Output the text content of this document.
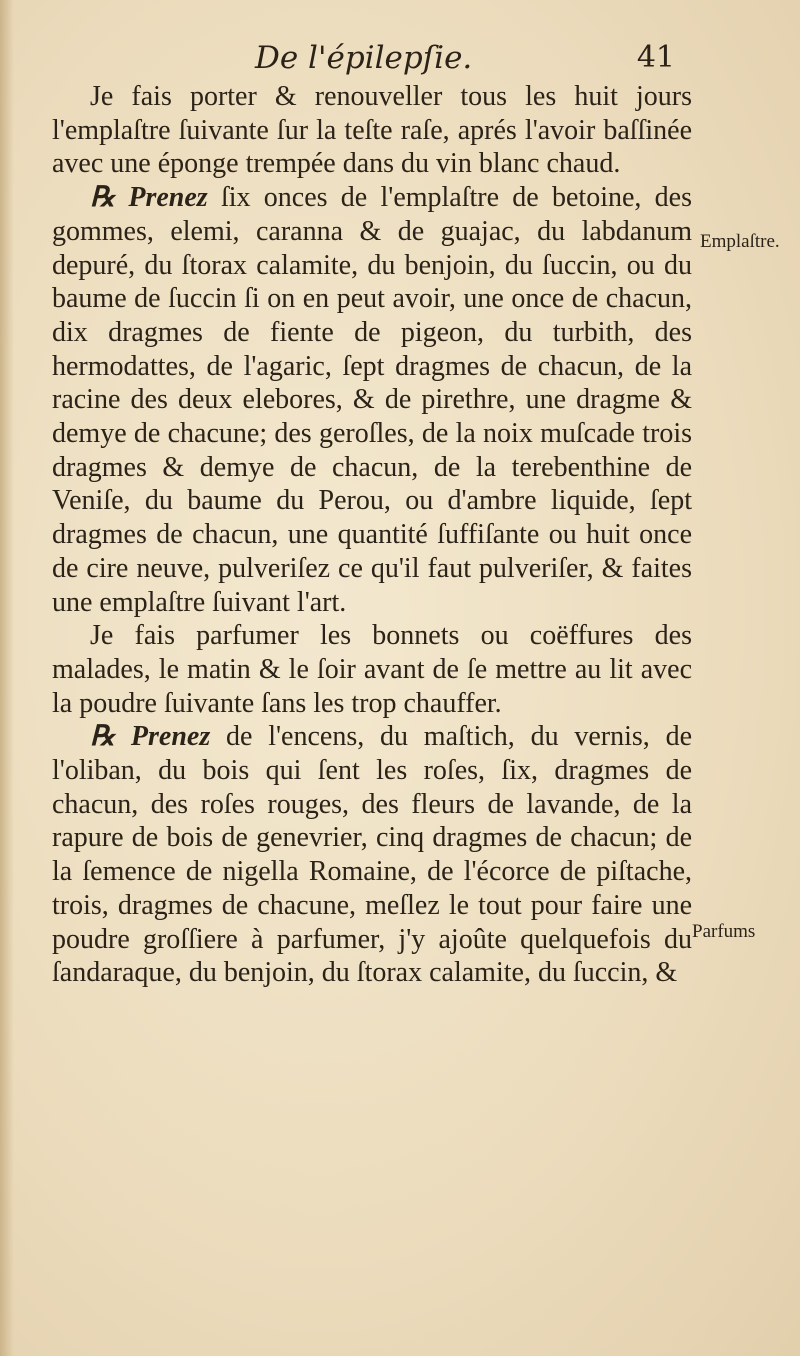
De l'épilepſie.	41

Je fais porter & renouveller tous les huit jours l'emplaſtre ſuivante ſur la teſte raſe, aprés l'avoir baſſinée avec une éponge trempée dans du vin blanc chaud.

℞ Prenez ſix onces de l'emplaſtre de betoine, des gommes, elemi, caranna & de guajac, du labdanum depuré, du ſtorax calamite, du benjoin, du ſuccin, ou du baume de ſuccin ſi on en peut avoir, une once de chacun, dix dragmes de fiente de pigeon, du turbith, des hermodattes, de l'agaric, ſept dragmes de chacun, de la racine des deux elebores, & de pirethre, une dragme & demye de chacune; des geroſles, de la noix muſcade trois dragmes & demye de chacun, de la terebenthine de Veniſe, du baume du Perou, ou d'ambre liquide, ſept dragmes de chacun, une quantité ſuffiſante ou huit once de cire neuve, pulveriſez ce qu'il faut pulveriſer, & faites une emplaſtre ſuivant l'art.

Je fais parfumer les bonnets ou coëffures des malades, le matin & le ſoir avant de ſe mettre au lit avec la poudre ſuivante ſans les trop chauffer.

℞ Prenez de l'encens, du maſtich, du vernis, de l'oliban, du bois qui ſent les roſes, ſix, dragmes de chacun, des roſes rouges, des fleurs de lavande, de la rapure de bois de genevrier, cinq dragmes de chacun; de la ſemence de nigella Romaine, de l'écorce de piſtache, trois, dragmes de chacune, meſlez le tout pour faire une poudre groſſiere à parfumer, j'y ajoûte quelquefois du ſandaraque, du benjoin, du ſtorax calamite, du ſuccin, &

Emplaſtre.
Parfums
